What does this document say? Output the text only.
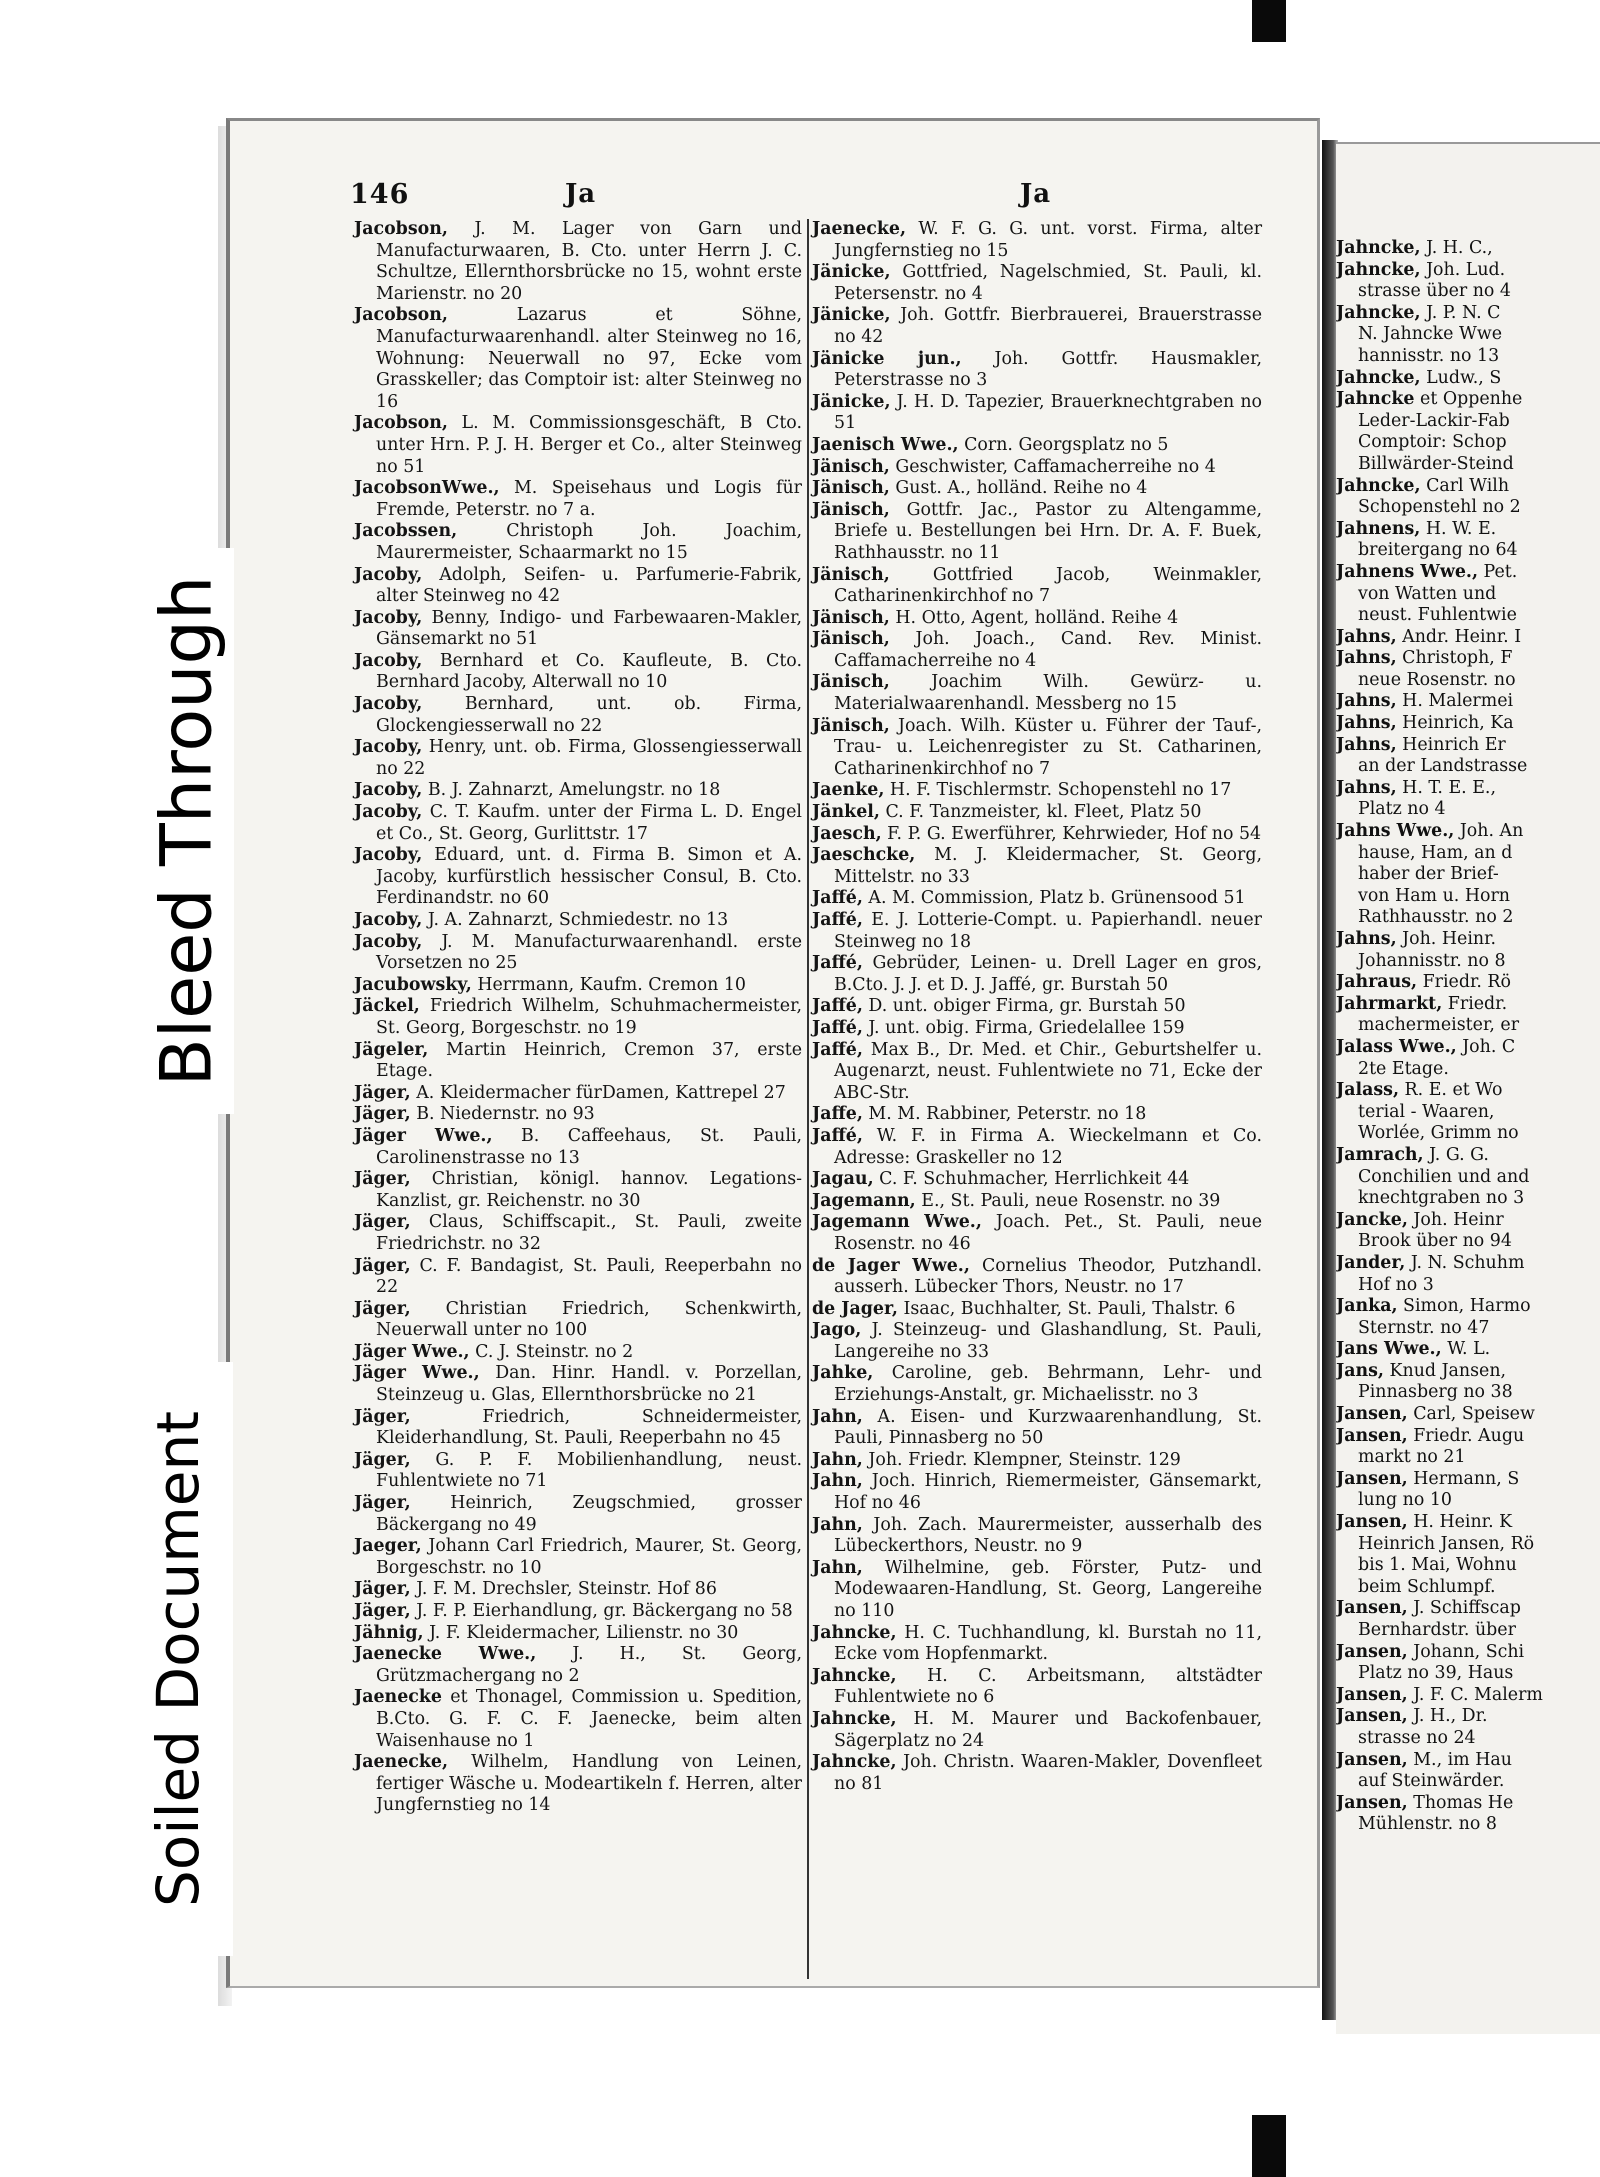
146	Ja	Ja

Jacobson, J. M. Lager von Garn und Manufacturwaaren, B. Cto. unter Herrn J. C. Schultze, Ellernthorsbrücke no 15, wohnt erste Marienstr. no 20

Jacobson,	Lazarus et Söhne, Manufacturwaarenhandl. alter Steinweg no 16, Wohnung: Neuerwall no 97, Ecke vom Grasskeller; das Comptoir ist: alter Steinweg no 16

Jacobson, L. M. Commissionsgeschäft, B Cto. unter Hrn. P. J. H. Berger et Co., alter Steinweg no 51

JacobsonWwe., M. Speisehaus und Logis für Fremde, Peterstr. no 7 a.

Jacobssen,	Christoph Joh. Joachim, Maurermeister, Schaarmarkt no 15

Jacoby, Adolph, Seifen- u. Parfumerie-Fabrik, alter Steinweg no 42

Jacoby, Benny, Indigo- und Farbewaaren-Makler, Gänsemarkt no 51

Jacoby, Bernhard et Co. Kaufleute, B. Cto. Bernhard Jacoby, Alterwall no 10

Jacoby, Bernhard, unt. ob. Firma, Glockengiesserwall no 22

Jacoby, Henry, unt. ob. Firma, Glossengiesserwall no 22

Jacoby, B. J. Zahnarzt, Amelungstr. no 18

Jacoby, C. T. Kaufm. unter der Firma L. D. Engel et Co., St. Georg, Gurlittstr. 17

Jacoby, Eduard, unt. d. Firma B. Simon et A. Jacoby, kurfürstlich hessischer Consul, B. Cto. Ferdinandstr. no 60

Jacoby, J. A. Zahnarzt, Schmiedestr. no 13

Jacoby, J. M. Manufacturwaarenhandl. erste Vorsetzen no 25

Jacubowsky, Herrmann, Kaufm. Cremon 10

Jäckel, Friedrich Wilhelm, Schuhmachermeister, St. Georg, Borgeschstr. no 19

Jägeler, Martin Heinrich, Cremon 37, erste Etage.

Jäger, A. Kleidermacher fürDamen, Kattrepel 27

Jäger, B. Niedernstr. no 93

Jäger Wwe., B. Caffeehaus, St. Pauli, Carolinenstrasse no 13

Jäger, Christian, königl. hannov. Legations-Kanzlist, gr. Reichenstr. no 30

Jäger, Claus, Schiffscapit., St. Pauli, zweite Friedrichstr. no 32

Jäger, C. F. Bandagist, St. Pauli, Reeperbahn no 22

Jäger, Christian Friedrich, Schenkwirth, Neuerwall unter no 100

Jäger Wwe., C. J. Steinstr. no 2

Jäger Wwe., Dan. Hinr. Handl. v. Porzellan, Steinzeug u. Glas, Ellernthorsbrücke no 21

Jäger,	Friedrich, Schneidermeister, Kleiderhandlung, St. Pauli, Reeperbahn no 45

Jäger, G. P. F. Mobilienhandlung, neust. Fuhlentwiete no 71

Jäger, Heinrich, Zeugschmied, grosser Bäckergang no 49

Jaeger, Johann Carl Friedrich, Maurer, St. Georg, Borgeschstr. no 10

Jäger, J. F. M. Drechsler, Steinstr. Hof 86

Jäger, J. F. P. Eierhandlung, gr. Bäckergang no 58

Jähnig, J. F. Kleidermacher, Lilienstr. no 30

Jaenecke Wwe., J. H., St. Georg, Grützmachergang no 2

Jaenecke et Thonagel, Commission u. Spedition, B.Cto. G. F. C. F. Jaenecke, beim alten Waisenhause no 1

Jaenecke, Wilhelm, Handlung von Leinen, fertiger Wäsche u. Modeartikeln f. Herren, alter Jungfernstieg no 14

Jaenecke, W. F. G. G. unt. vorst. Firma, alter Jungfernstieg no 15

Jänicke, Gottfried, Nagelschmied, St. Pauli, kl. Petersenstr. no 4

Jänicke, Joh. Gottfr. Bierbrauerei, Brauerstrasse no 42

Jänicke jun., Joh. Gottfr. Hausmakler, Peterstrasse no 3

Jänicke, J. H. D. Tapezier, Brauerknechtgraben no 51

Jaenisch Wwe., Corn. Georgsplatz no 5

Jänisch, Geschwister, Caffamacherreihe no 4

Jänisch, Gust. A., holländ. Reihe no 4

Jänisch, Gottfr. Jac., Pastor zu Altengamme, Briefe u. Bestellungen bei Hrn. Dr. A. F. Buek, Rathhausstr. no 11

Jänisch, Gottfried Jacob, Weinmakler, Catharinenkirchhof no 7

Jänisch, H. Otto, Agent, holländ. Reihe 4

Jänisch, Joh. Joach., Cand. Rev. Minist. Caffamacherreihe no 4

Jänisch, Joachim Wilh. Gewürz- u. Materialwaarenhandl. Messberg no 15

Jänisch, Joach. Wilh. Küster u. Führer der Tauf-, Trau- u. Leichenregister zu St. Catharinen, Catharinenkirchhof no 7

Jaenke, H. F. Tischlermstr. Schopenstehl no 17

Jänkel, C. F. Tanzmeister, kl. Fleet, Platz 50

Jaesch, F. P. G. Ewerführer, Kehrwieder, Hof no 54

Jaeschcke, M. J. Kleidermacher, St. Georg, Mittelstr. no 33

Jaffé, A. M. Commission, Platz b. Grünensood 51

Jaffé, E. J. Lotterie-Compt. u. Papierhandl. neuer Steinweg no 18

Jaffé, Gebrüder, Leinen- u. Drell Lager en gros, B.Cto. J. J. et D. J. Jaffé, gr. Burstah 50

Jaffé, D. unt. obiger Firma, gr. Burstah 50

Jaffé, J. unt. obig. Firma, Griedelallee 159

Jaffé, Max B., Dr. Med. et Chir., Geburtshelfer u. Augenarzt, neust. Fuhlentwiete no 71, Ecke der ABC-Str.

Jaffe, M. M. Rabbiner, Peterstr. no 18

Jaffé, W. F. in Firma A. Wieckelmann et Co. Adresse: Graskeller no 12

Jagau, C. F. Schuhmacher, Herrlichkeit 44

Jagemann, E., St. Pauli, neue Rosenstr. no 39

Jagemann Wwe., Joach. Pet., St. Pauli, neue Rosenstr. no 46

de Jager Wwe., Cornelius Theodor, Putzhandl. ausserh. Lübecker Thors, Neustr. no 17

de Jager, Isaac, Buchhalter, St. Pauli, Thalstr. 6

Jago, J. Steinzeug- und Glashandlung, St. Pauli, Langereihe no 33

Jahke, Caroline, geb. Behrmann, Lehr- und Erziehungs-Anstalt, gr. Michaelisstr. no 3

Jahn, A. Eisen- und Kurzwaarenhandlung, St. Pauli, Pinnasberg no 50

Jahn, Joh. Friedr. Klempner, Steinstr. 129

Jahn, Joch. Hinrich, Riemermeister, Gänsemarkt, Hof no 46

Jahn, Joh. Zach. Maurermeister, ausserhalb des Lübeckerthors, Neustr. no 9

Jahn, Wilhelmine, geb. Förster, Putz- und Modewaaren-Handlung, St. Georg, Langereihe no 110

Jahncke, H. C. Tuchhandlung, kl. Burstah no 11, Ecke vom Hopfenmarkt.

Jahncke, H. C. Arbeitsmann, altstädter Fuhlentwiete no 6

Jahncke, H. M. Maurer und Backofenbauer, Sägerplatz no 24

Jahncke, Joh. Christn. Waaren-Makler, Dovenfleet no 81

Jahncke, J. H. C.,

Jahncke, Joh. Lud.

strasse über no 4

Jahncke, J. P. N. C

N. Jahncke Wwe

hannisstr. no 13

Jahncke, Ludw., S

Jahncke et Oppenhe

Leder-Lackir-Fab

Comptoir: Schop

Billwärder-Steind

Jahncke, Carl Wilh

Schopenstehl no 2

Jahnens, H. W. E.

breitergang no 64

Jahnens Wwe., Pet.

von Watten und

neust. Fuhlentwie

Jahns, Andr. Heinr. I

Jahns, Christoph, F

neue Rosenstr. no

Jahns, H. Malermei

Jahns, Heinrich, Ka

Jahns, Heinrich Er

an der Landstrasse

Jahns, H. T. E. E.,

Platz no 4

Jahns Wwe., Joh. An

hause, Ham, an d

haber der Brief-

von Ham u. Horn

Rathhausstr. no 2

Jahns, Joh. Heinr.

Johannisstr. no 8

Jahraus, Friedr. Rö

Jahrmarkt, Friedr.

machermeister, er

Jalass Wwe., Joh. C

2te Etage.

Jalass, R. E. et Wo

terial - Waaren,

Worlée, Grimm no

Jamrach, J. G. G.

Conchilien und and

knechtgraben no 3

Jancke, Joh. Heinr

Brook über no 94

Jander, J. N. Schuhm

Hof no 3

Janka, Simon, Harmo

Sternstr. no 47

Jans Wwe., W. L.

Jans, Knud Jansen,

Pinnasberg no 38

Jansen, Carl, Speisew

Jansen, Friedr. Augu

markt no 21

Jansen, Hermann, S

lung no 10

Jansen, H. Heinr. K

Heinrich Jansen, Rö

bis 1. Mai, Wohnu

beim Schlumpf.

Jansen, J. Schiffscap

Bernhardstr. über

Jansen, Johann, Schi

Platz no 39, Haus

Jansen, J. F. C. Malerm

Jansen, J. H., Dr.

strasse no 24

Jansen, M., im Hau

auf Steinwärder.

Jansen, Thomas He

Mühlenstr. no 8

Bleed Through
Soiled Document
